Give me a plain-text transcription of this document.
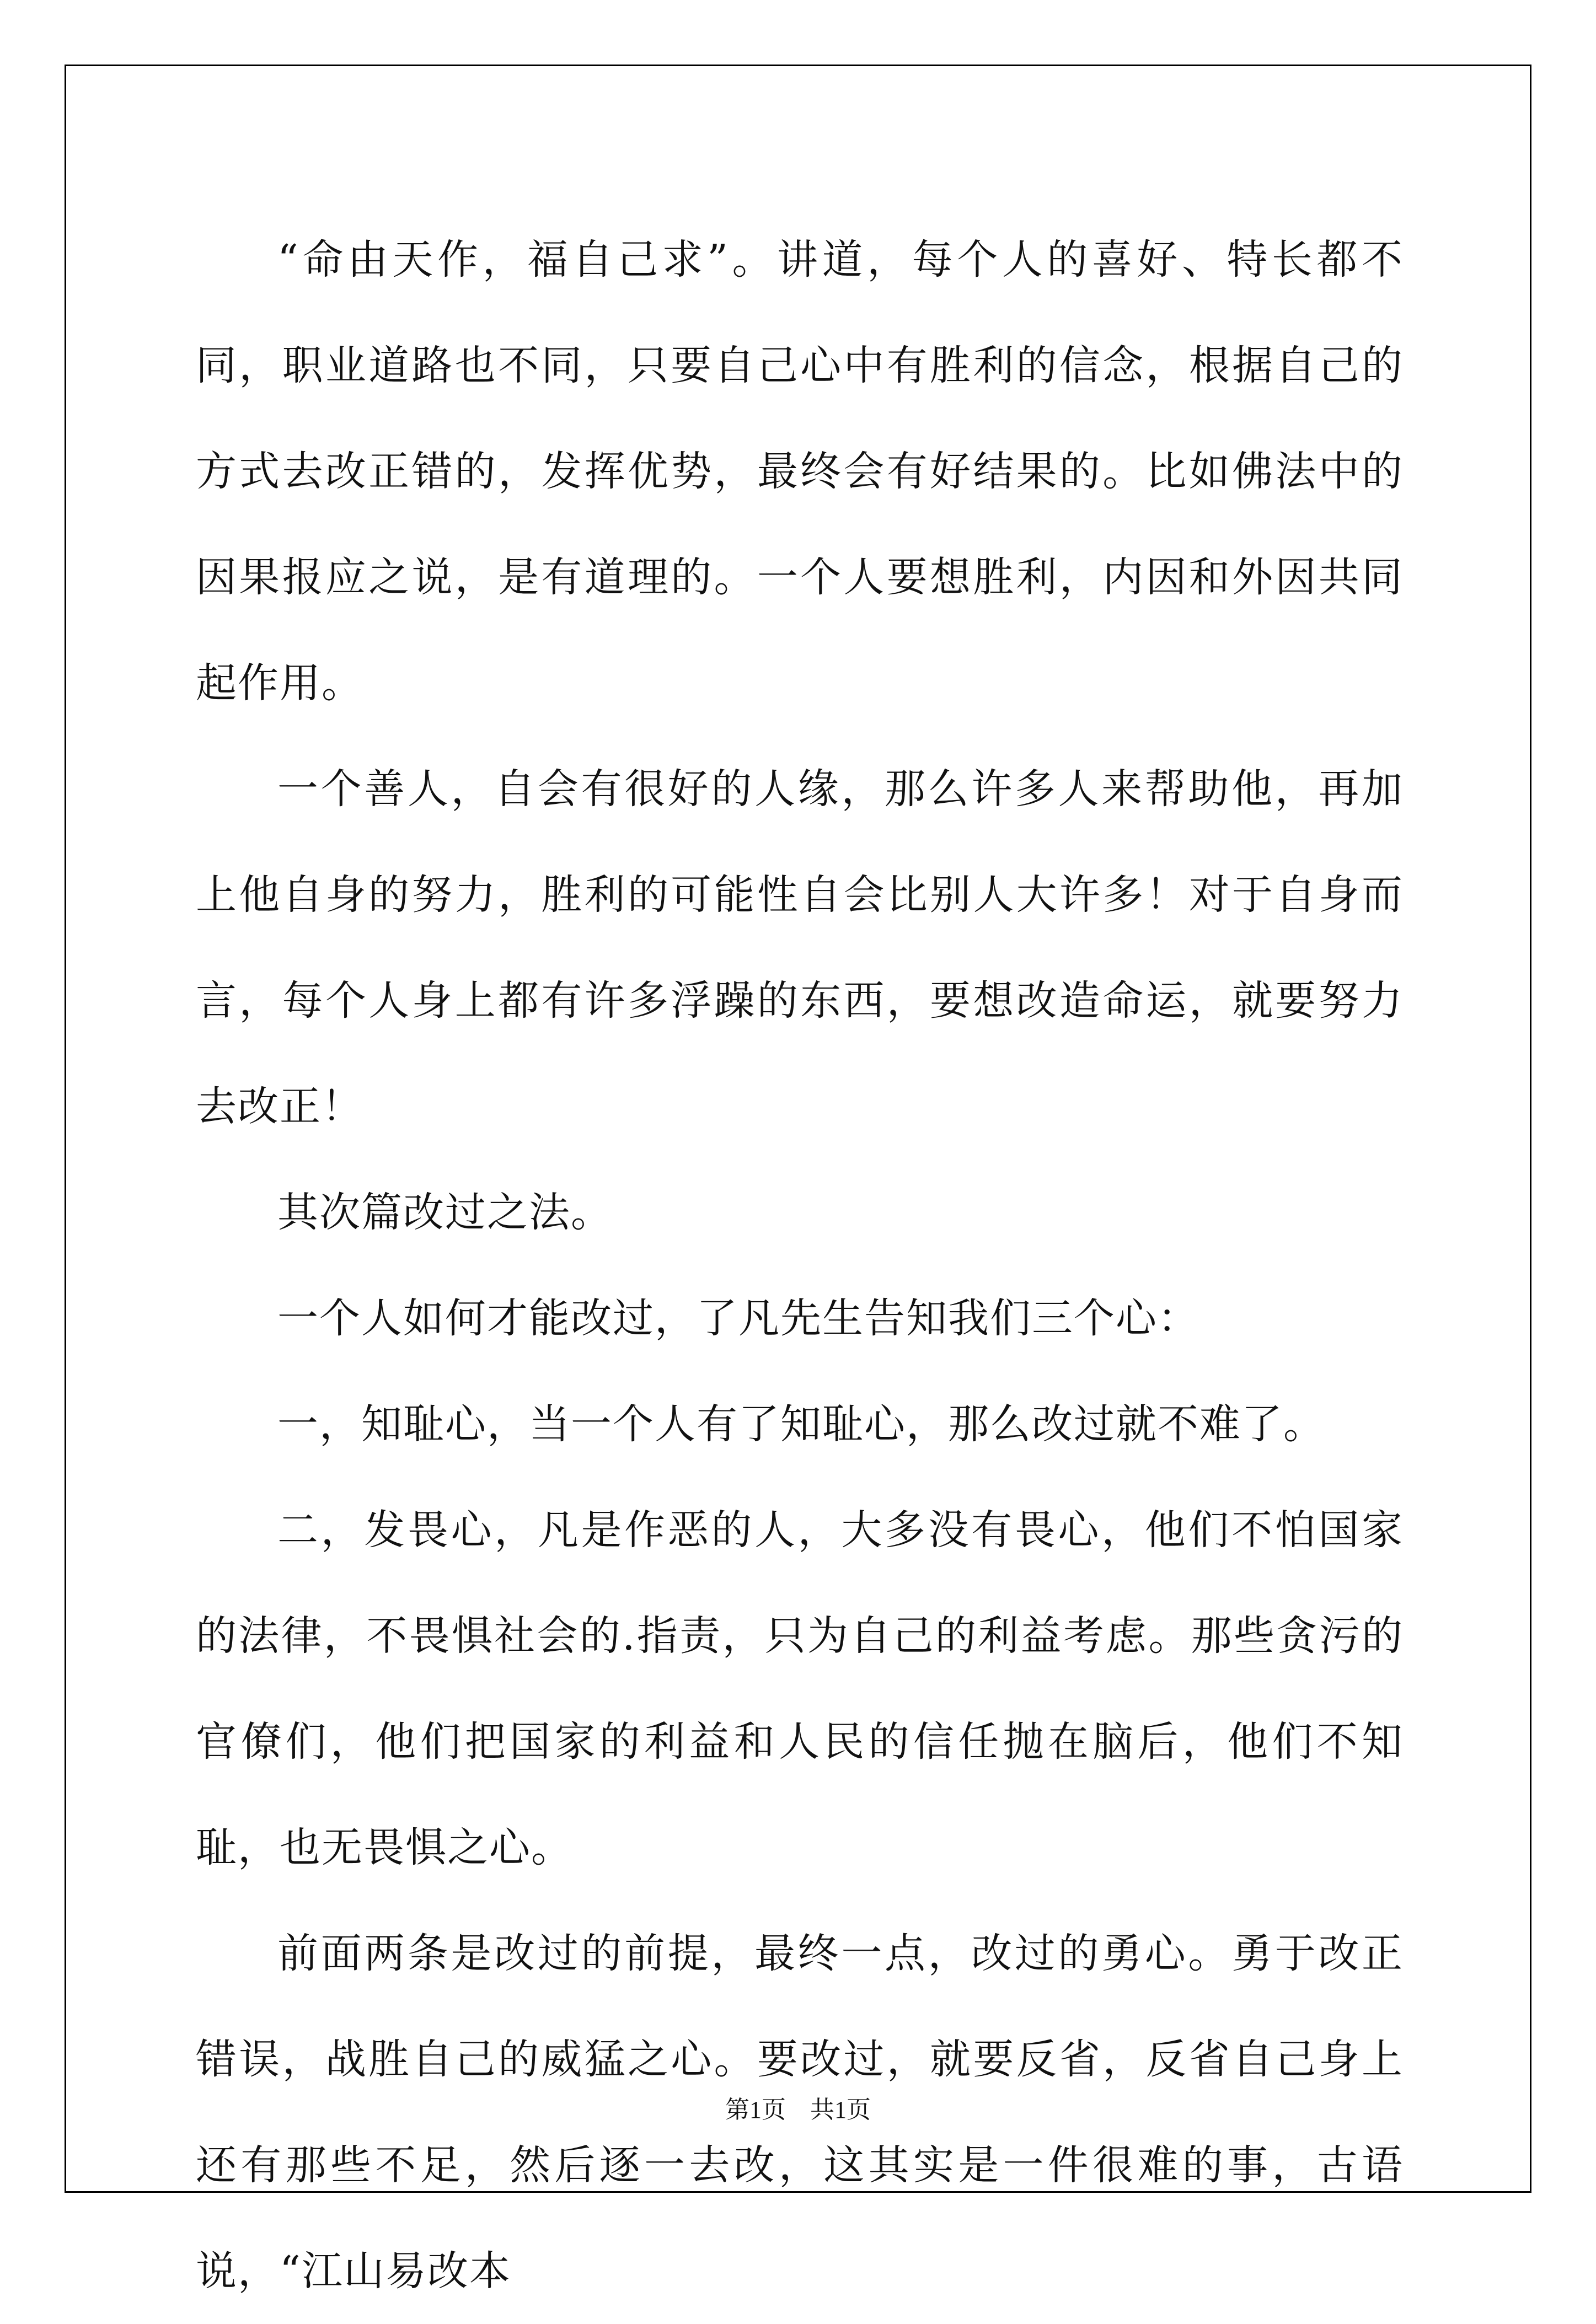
“命由天作，福自己求”。讲道，每个人的喜好、特长都不同，职业道路也不同，只要自己心中有胜利的信念，根据自己的方式去改正错的，发挥优势，最终会有好结果的。比如佛法中的因果报应之说，是有道理的。一个人要想胜利，内因和外因共同起作用。

一个善人，自会有很好的人缘，那么许多人来帮助他，再加上他自身的努力，胜利的可能性自会比别人大许多！对于自身而言，每个人身上都有许多浮躁的东西，要想改造命运，就要努力去改正！

其次篇改过之法。

一个人如何才能改过，了凡先生告知我们三个心：

一，知耻心，当一个人有了知耻心，那么改过就不难了。

二，发畏心，凡是作恶的人，大多没有畏心，他们不怕国家的法律，不畏惧社会的.指责，只为自己的利益考虑。那些贪污的官僚们，他们把国家的利益和人民的信任抛在脑后，他们不知耻，也无畏惧之心。

前面两条是改过的前提，最终一点，改过的勇心。勇于改正错误，战胜自己的威猛之心。要改过，就要反省，反省自己身上还有那些不足，然后逐一去改，这其实是一件很难的事，古语说，“江山易改本

第1页　共1页
